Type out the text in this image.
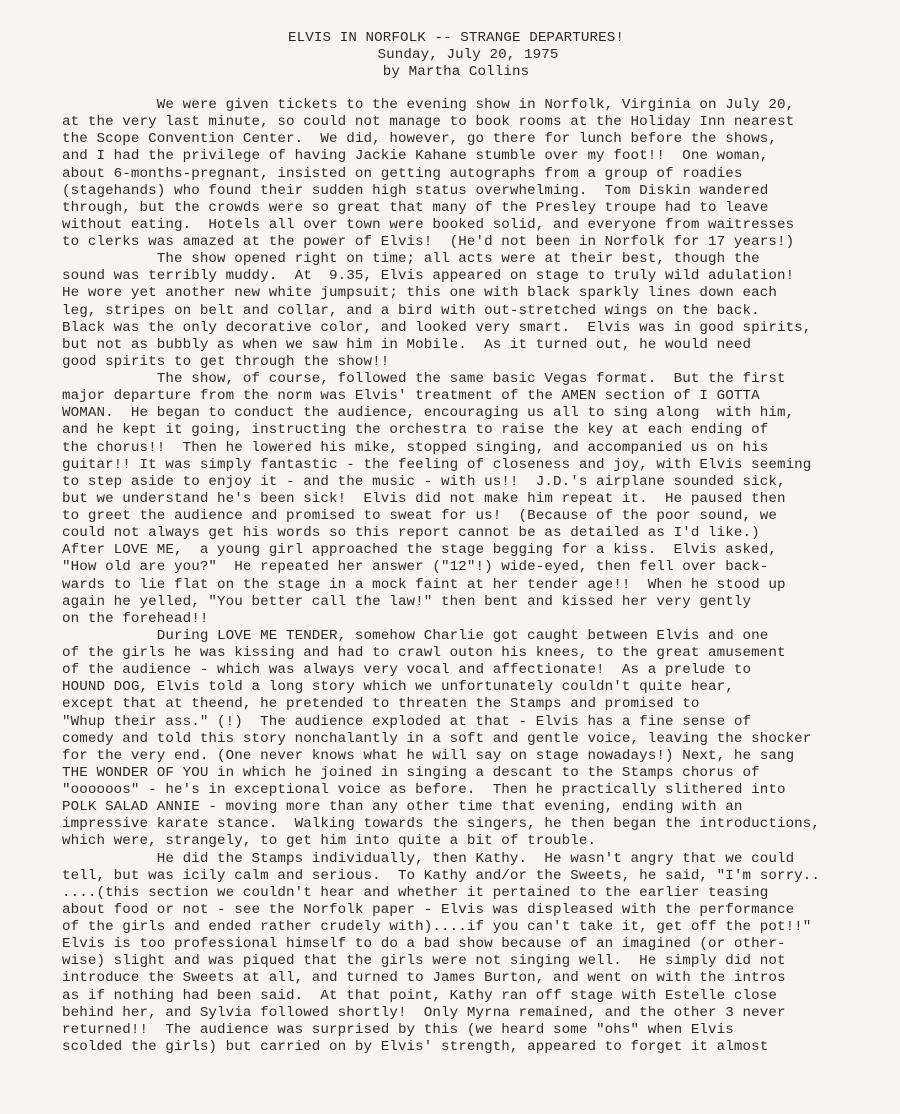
ELVIS IN NORFOLK -- STRANGE DEPARTURES!
Sunday, July 20, 1975
by Martha Collins
We were given tickets to the evening show in Norfolk, Virginia on July 20,
at the very last minute, so could not manage to book rooms at the Holiday Inn nearest
the Scope Convention Center.  We did, however, go there for lunch before the shows,
and I had the privilege of having Jackie Kahane stumble over my foot!!  One woman,
about 6-months-pregnant, insisted on getting autographs from a group of roadies
(stagehands) who found their sudden high status overwhelming.  Tom Diskin wandered
through, but the crowds were so great that many of the Presley troupe had to leave
without eating.  Hotels all over town were booked solid, and everyone from waitresses
to clerks was amazed at the power of Elvis!  (He'd not been in Norfolk for 17 years!)
The show opened right on time; all acts were at their best, though the
sound was terribly muddy.  At  9.35, Elvis appeared on stage to truly wild adulation!
He wore yet another new white jumpsuit; this one with black sparkly lines down each
leg, stripes on belt and collar, and a bird with out-stretched wings on the back.
Black was the only decorative color, and looked very smart.  Elvis was in good spirits,
but not as bubbly as when we saw him in Mobile.  As it turned out, he would need
good spirits to get through the show!!
The show, of course, followed the same basic Vegas format.  But the first
major departure from the norm was Elvis' treatment of the AMEN section of I GOTTA
WOMAN.  He began to conduct the audience, encouraging us all to sing along  with him,
and he kept it going, instructing the orchestra to raise the key at each ending of
the chorus!!  Then he lowered his mike, stopped singing, and accompanied us on his
guitar!! It was simply fantastic - the feeling of closeness and joy, with Elvis seeming
to step aside to enjoy it - and the music - with us!!  J.D.'s airplane sounded sick,
but we understand he's been sick!  Elvis did not make him repeat it.  He paused then
to greet the audience and promised to sweat for us!  (Because of the poor sound, we
could not always get his words so this report cannot be as detailed as I'd like.)
After LOVE ME,  a young girl approached the stage begging for a kiss.  Elvis asked,
"How old are you?"  He repeated her answer ("12"!) wide-eyed, then fell over back-
wards to lie flat on the stage in a mock faint at her tender age!!  When he stood up
again he yelled, "You better call the law!" then bent and kissed her very gently
on the forehead!!
During LOVE ME TENDER, somehow Charlie got caught between Elvis and one
of the girls he was kissing and had to crawl outon his knees, to the great amusement
of the audience - which was always very vocal and affectionate!  As a prelude to
HOUND DOG, Elvis told a long story which we unfortunately couldn't quite hear,
except that at theend, he pretended to threaten the Stamps and promised to
"Whup their ass." (!)  The audience exploded at that - Elvis has a fine sense of
comedy and told this story nonchalantly in a soft and gentle voice, leaving the shocker
for the very end. (One never knows what he will say on stage nowadays!) Next, he sang
THE WONDER OF YOU in which he joined in singing a descant to the Stamps chorus of
"oooooos" - he's in exceptional voice as before.  Then he practically slithered into
POLK SALAD ANNIE - moving more than any other time that evening, ending with an
impressive karate stance.  Walking towards the singers, he then began the introductions,
which were, strangely, to get him into quite a bit of trouble.
He did the Stamps individually, then Kathy.  He wasn't angry that we could
tell, but was icily calm and serious.  To Kathy and/or the Sweets, he said, "I'm sorry..
....(this section we couldn't hear and whether it pertained to the earlier teasing
about food or not - see the Norfolk paper - Elvis was displeased with the performance
of the girls and ended rather crudely with)....if you can't take it, get off the pot!!"
Elvis is too professional himself to do a bad show because of an imagined (or other-
wise) slight and was piqued that the girls were not singing well.  He simply did not
introduce the Sweets at all, and turned to James Burton, and went on with the intros
as if nothing had been said.  At that point, Kathy ran off stage with Estelle close
behind her, and Sylvia followed shortly!  Only Myrna remained, and the other 3 never
returned!!  The audience was surprised by this (we heard some "ohs" when Elvis
scolded the girls) but carried on by Elvis' strength, appeared to forget it almost
